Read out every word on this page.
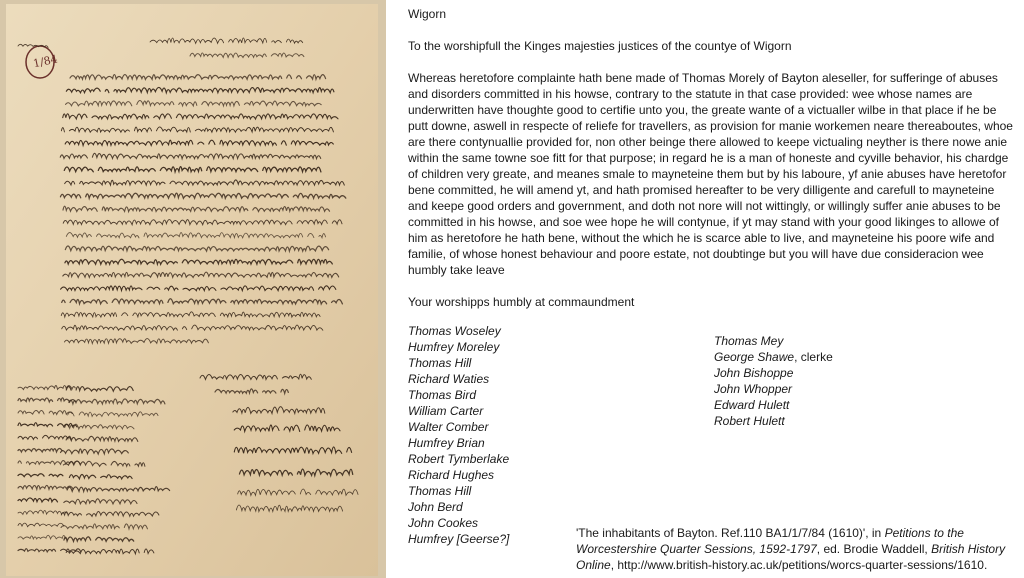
1/84

Wigorn

To the worshipfull the Kinges majesties justices of the countye of Wigorn

Whereas heretofore complainte hath bene made of Thomas Morely of Bayton aleseller, for sufferinge of abuses and disorders committed in his howse, contrary to the statute in that case provided: wee whose names are underwritten have thoughte good to certifie unto you, the greate wante of a victualler wilbe in that place if he be putt downe, aswell in respecte of reliefe for travellers, as provision for manie workemen neare thereaboutes, whoe are there contynuallie provided for, non other beinge there allowed to keepe victualing neyther is there nowe anie within the same towne soe fitt for that purpose; in regard he is a man of honeste and cyville behavior, his chardge of children very greate, and meanes smale to mayneteine them but by his laboure, yf anie abuses have heretofor bene committed, he will amend yt, and hath promised hereafter to be very dilligente and carefull to mayneteine and keepe good orders and government, and doth not nore will not wittingly, or willingly suffer anie abuses to be committed in his howse, and soe wee hope he will contynue, if yt may stand with your good likinges to allowe of him as heretofore he hath bene, without the which he is scarce able to live, and mayneteine his poore wife and familie, of whose honest behaviour and poore estate, not doubtinge but you will have due consideracion wee humbly take leave

Your worshipps humbly at commaundment

Thomas Woseley
Humfrey Moreley
Thomas Hill
Richard Waties
Thomas Bird
William Carter
Walter Comber
Humfrey Brian
Robert Tymberlake
Richard Hughes
Thomas Hill
John Berd
John Cookes
Humfrey [Geerse?]
Thomas Mey
George Shawe, clerke
John Bishoppe
John Whopper
Edward Hulett
Robert Hulett
'The inhabitants of Bayton. Ref.110 BA1/1/7/84 (1610)', in Petitions to the Worcestershire Quarter Sessions, 1592-1797, ed. Brodie Waddell, British History Online, http://www.british-history.ac.uk/petitions/worcs-quarter-sessions/1610.
